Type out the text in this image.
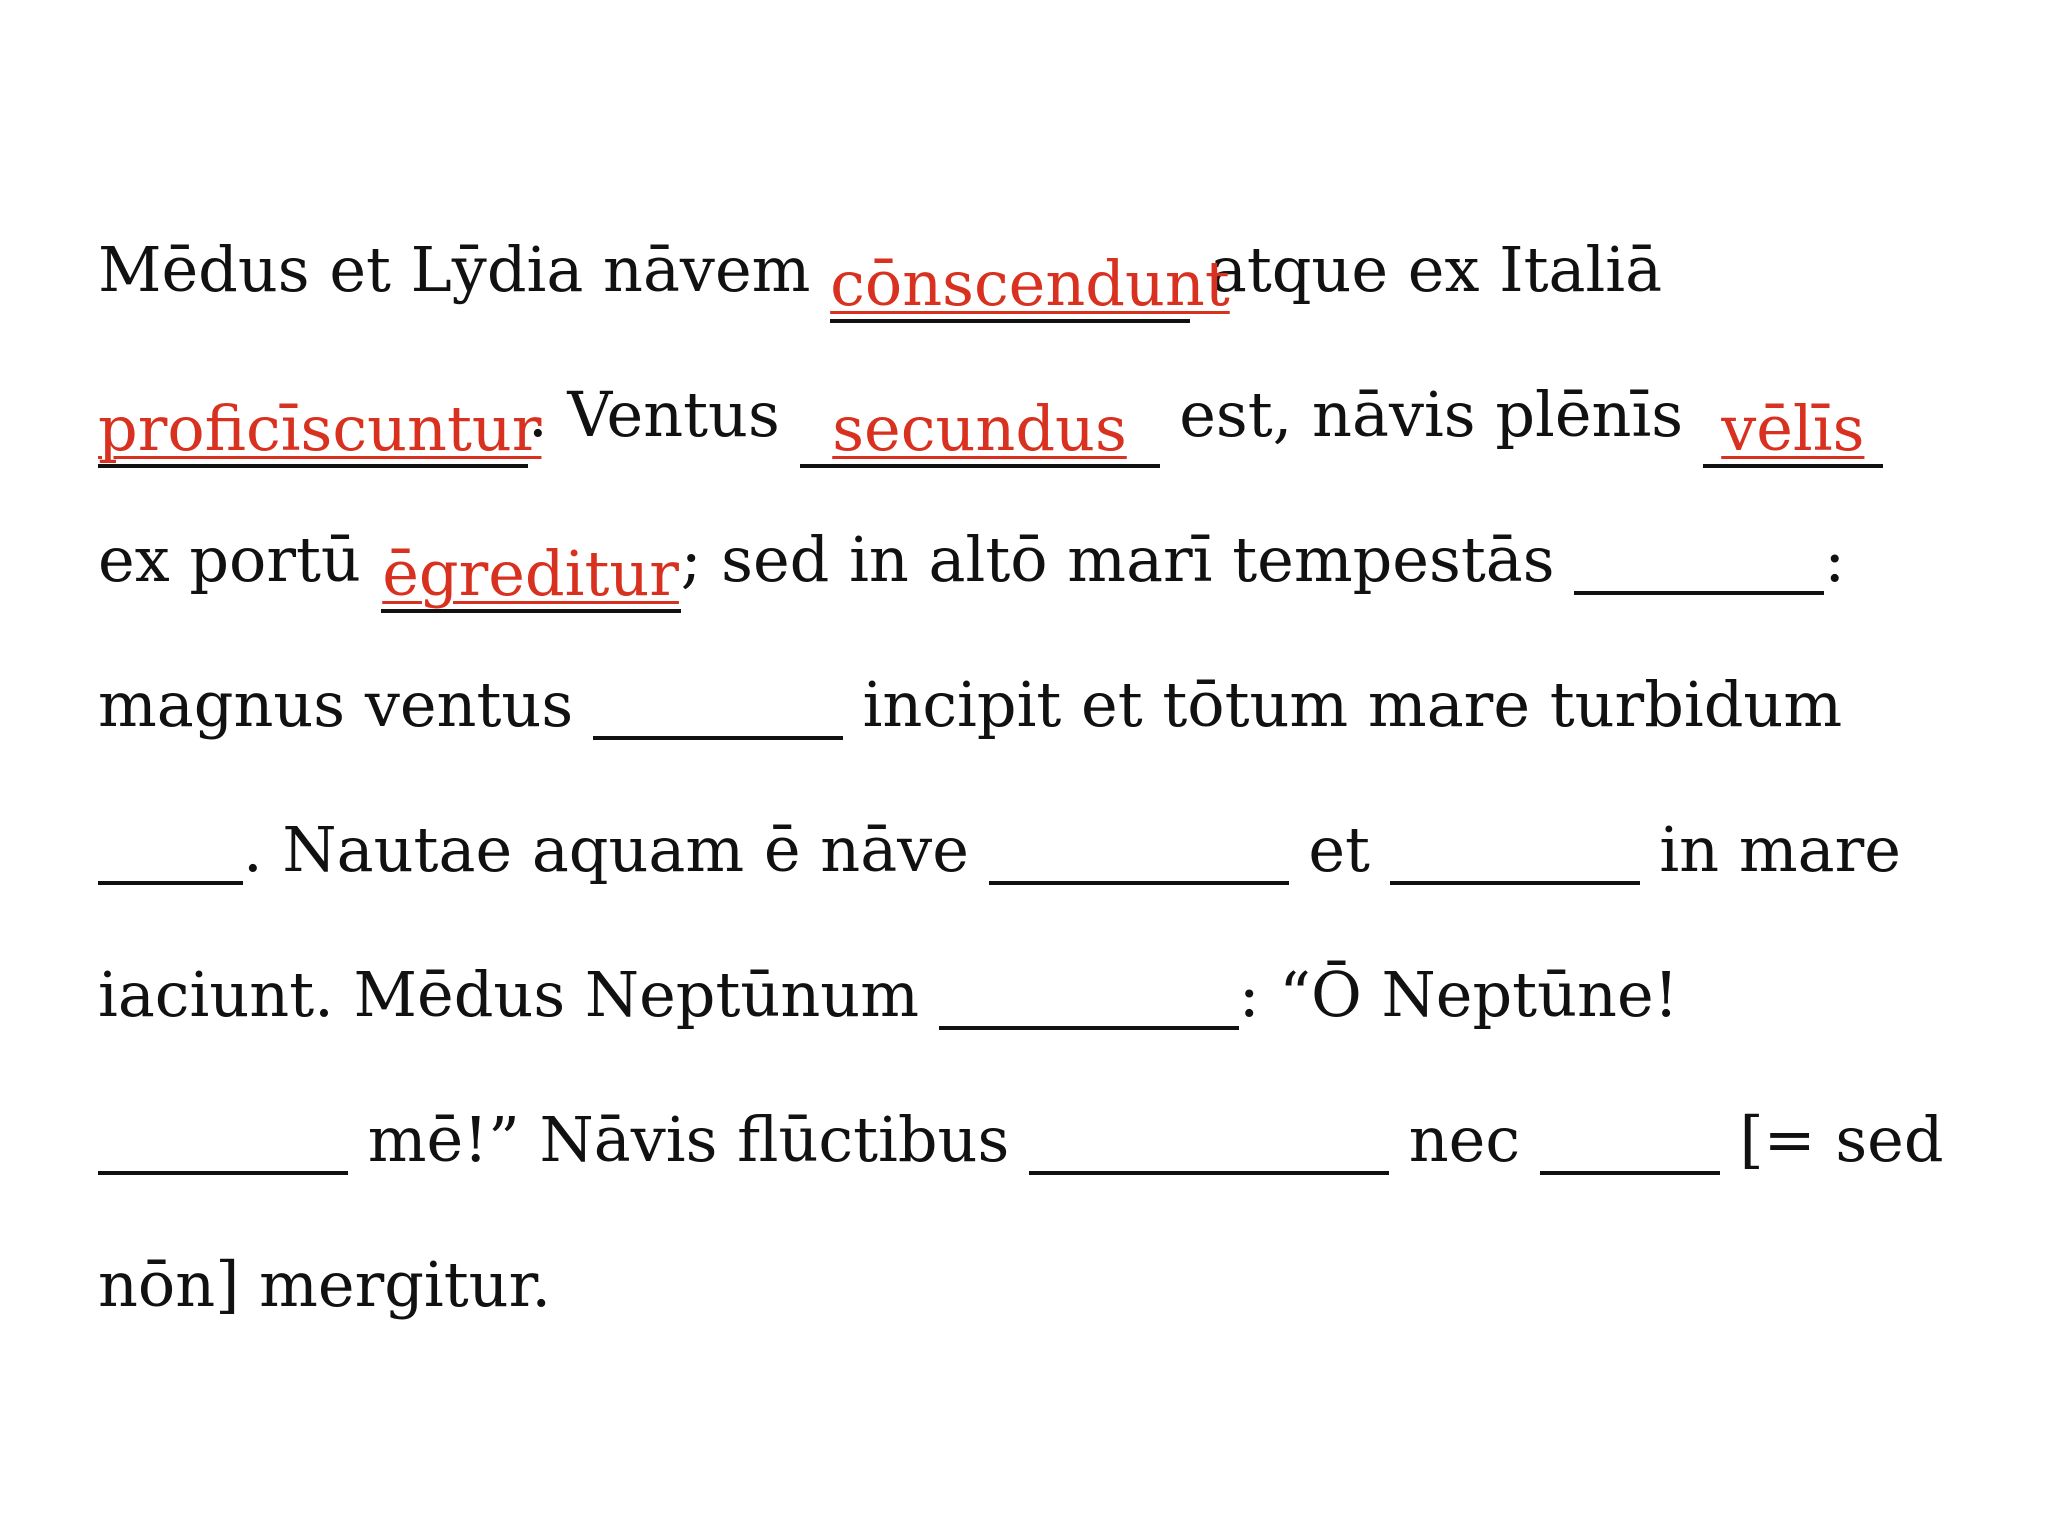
Mēdus et Lȳdia nāvem cōnscendunt atque ex Italiā
proficīscuntur. Ventus secundus est, nāvis plēnīs vēlīs
ex portū ēgreditur; sed in altō marī tempestās	:
magnus ventus	incipit et tōtum mare turbidum
. Nautae aquam ē nāve	et	in mare
iaciunt. Mēdus Neptūnum	: “Ō Neptūne!
mē!” Nāvis flūctibus	nec	[= sed
nōn] mergitur.
